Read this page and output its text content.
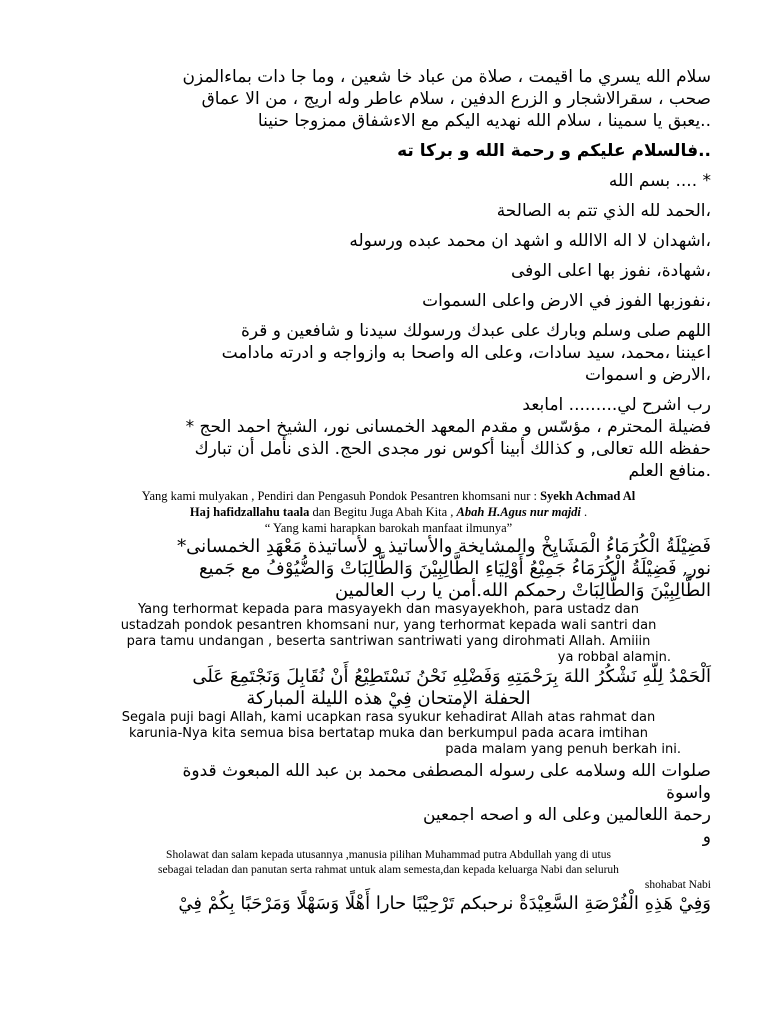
سلام الله يسري ما اقيمت ، صلاة من عباد خا شعين ، وما جا دات بماءالمزن

صحب ، سقرالاشجار و الزرع الدفين ، سلام عاطر وله اريج ، من الا عماق

..يعبق يا سمينا ، سلام الله نهديه اليكم مع الاءشفاق ممزوجا حنينا

..فالسلام عليكم و رحمة الله و بركا ته

* .... بسم الله

،الحمد لله الذي تتم به الصالحة

،اشهدان لا اله الاالله و اشهد ان محمد عبده ورسوله

،شهادة، نفوز بها اعلى الوفى

،نفوزبها الفوز في الارض واعلى السموات

اللهم صلى وسلم وبارك على عبدك ورسولك سيدنا و شافعين و قرة

اعيننا ،محمد، سيد سادات، وعلى اله واصحا به وازواجه و ادرته مادامت

،الارض و اسموات

رب اشرح لي......... امابعد

فضيلة المحترم ، مؤسّس و مقدم المعهد الخمسانى نور، الشيخ احمد الحج *

حفظه الله تعالى, و كذالك أبينا أكوس نور مجدى الحج. الذى نأمل أن تبارك

.منافع العلم

Yang kami mulyakan , Pendiri dan Pengasuh Pondok Pesantren khomsani nur : Syekh Achmad Al

Haj hafidzallahu taala dan Begitu Juga Abah Kita , Abah H.Agus nur majdi .

“ Yang kami harapkan barokah manfaat ilmunya”

فَضِيْلَةُ الْكُرَمَاءُ الْمَشَايِخْ والمشايخة والأساتيذ و لأساتيذة مَعْهَدِ الخمسانى*

نور, فَضِيْلَةُ الْكُرَمَاءُ جَمِيْعُ أَوْلِيَاءِ الطَّالِبِيْنَ وَالطَّالِبَاتْ وَالضُّيُوْفُ مع جَميع

الطَّالِبِيْنَ وَالطَّالِبَاتْ رحمكم الله.أمن يا رب العالمين

Yang terhormat kepada para masyayekh dan masyayekhoh, para ustadz dan

ustadzah pondok pesantren khomsani nur, yang terhormat kepada wali santri dan

para tamu undangan , beserta santriwan santriwati yang dirohmati Allah. Amiiin

ya robbal alamin.

اَلْحَمْدُ لِلّهِ نَشْكُرُ اللهَ بِرَحْمَتِهِ وَفَضْلِهِ نَحْنُ نَسْتَطِيْعُ أَنْ نُقَابِلَ وَنَجْتَمِعَ عَلَى

الحفلة الإمتحان فِيْ هذه الليلة المباركة

Segala puji bagi Allah, kami ucapkan rasa syukur kehadirat Allah atas rahmat dan

karunia-Nya kita semua bisa bertatap muka dan berkumpul pada acara imtihan

pada malam yang penuh berkah ini.

صلوات الله وسلامه على رسوله المصطفى محمد بن عبد الله المبعوث قدوة

واسوة

رحمة اللعالمين وعلى اله و اصحه اجمعين

و

Sholawat dan salam kepada utusannya ,manusia pilihan Muhammad putra Abdullah yang di utus

sebagai teladan dan panutan serta rahmat untuk alam semesta,dan kepada keluarga Nabi dan seluruh

shohabat Nabi

وَفِيْ هَذِهِ الْفُرْصَةِ السَّعِيْدَةْ نرحبكم تَرْحِيْبًا حارا أَهْلًا وَسَهْلًا وَمَرْحَبًا بِكُمْ فِيْ
